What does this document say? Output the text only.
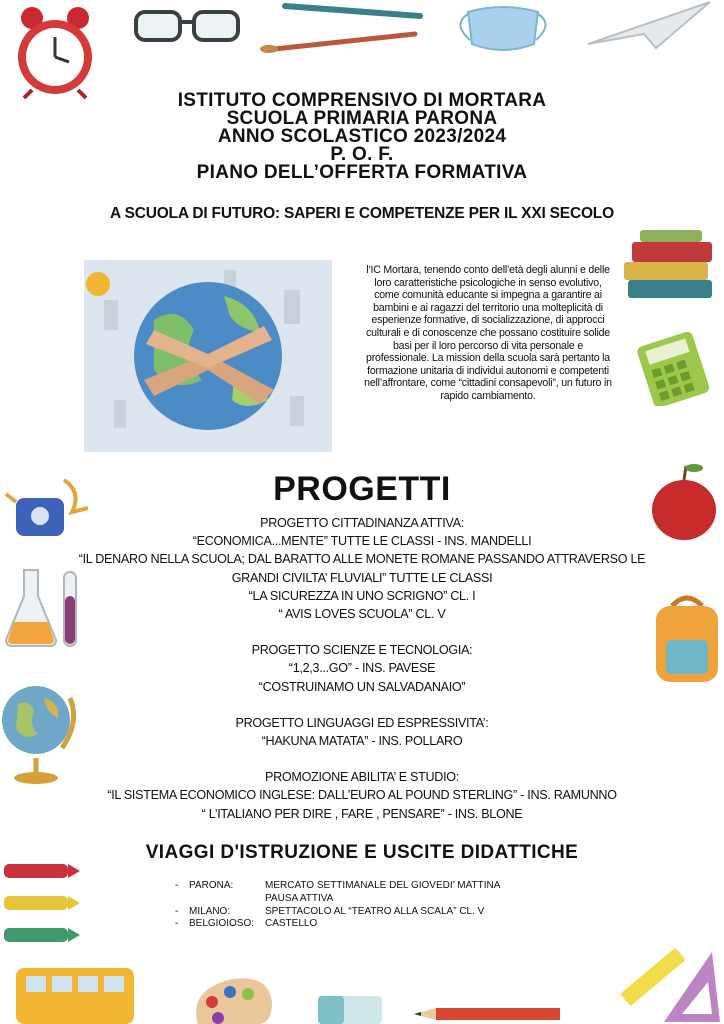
ISTITUTO COMPRENSIVO DI MORTARA
SCUOLA PRIMARIA PARONA
ANNO SCOLASTICO 2023/2024
P. O. F.
PIANO DELL’OFFERTA FORMATIVA
A SCUOLA DI FUTURO: SAPERI E COMPETENZE PER IL XXI SECOLO
l’IC Mortara, tenendo conto dell’età degli alunni e delle loro caratteristiche psicologiche in senso evolutivo, come comunità educante si impegna a garantire ai bambini e ai ragazzi del territorio una molteplicità di esperienze formative, di socializzazione, di approcci culturali e di conoscenze che possano costituire solide basi per il loro percorso di vita personale e professionale. La mission della scuola sarà pertanto la formazione unitaria di individui autonomi e competenti nell’affrontare, come “cittadini consapevoli”, un futuro in rapido cambiamento.
PROGETTI
PROGETTO CITTADINANZA ATTIVA:
“ECONOMICA...MENTE” TUTTE LE CLASSI - INS. MANDELLI
“IL DENARO NELLA SCUOLA; DAL BARATTO ALLE MONETE ROMANE PASSANDO ATTRAVERSO LE
GRANDI CIVILTA’ FLUVIALI” TUTTE LE CLASSI
“LA SICUREZZA IN UNO SCRIGNO” CL. I
“ AVIS LOVES SCUOLA” CL. V
PROGETTO SCIENZE E TECNOLOGIA:
“1,2,3...GO” - INS. PAVESE
“COSTRUINAMO UN SALVADANAIO”
PROGETTO LINGUAGGI ED ESPRESSIVITA’:
“HAKUNA MATATA” - INS. POLLARO
PROMOZIONE ABILITA’ E STUDIO:
“IL SISTEMA ECONOMICO INGLESE: DALL’EURO AL POUND STERLING” - INS. RAMUNNO
“ L’ITALIANO PER DIRE , FARE , PENSARE” - INS. BLONE
VIAGGI D'ISTRUZIONE E USCITE DIDATTICHE
-	PARONA:	MERCATO SETTIMANALE DEL GIOVEDI’ MATTINA
PAUSA ATTIVA
-	MILANO:	SPETTACOLO AL “TEATRO ALLA SCALA” CL. V
-	BELGIOIOSO:	CASTELLO
